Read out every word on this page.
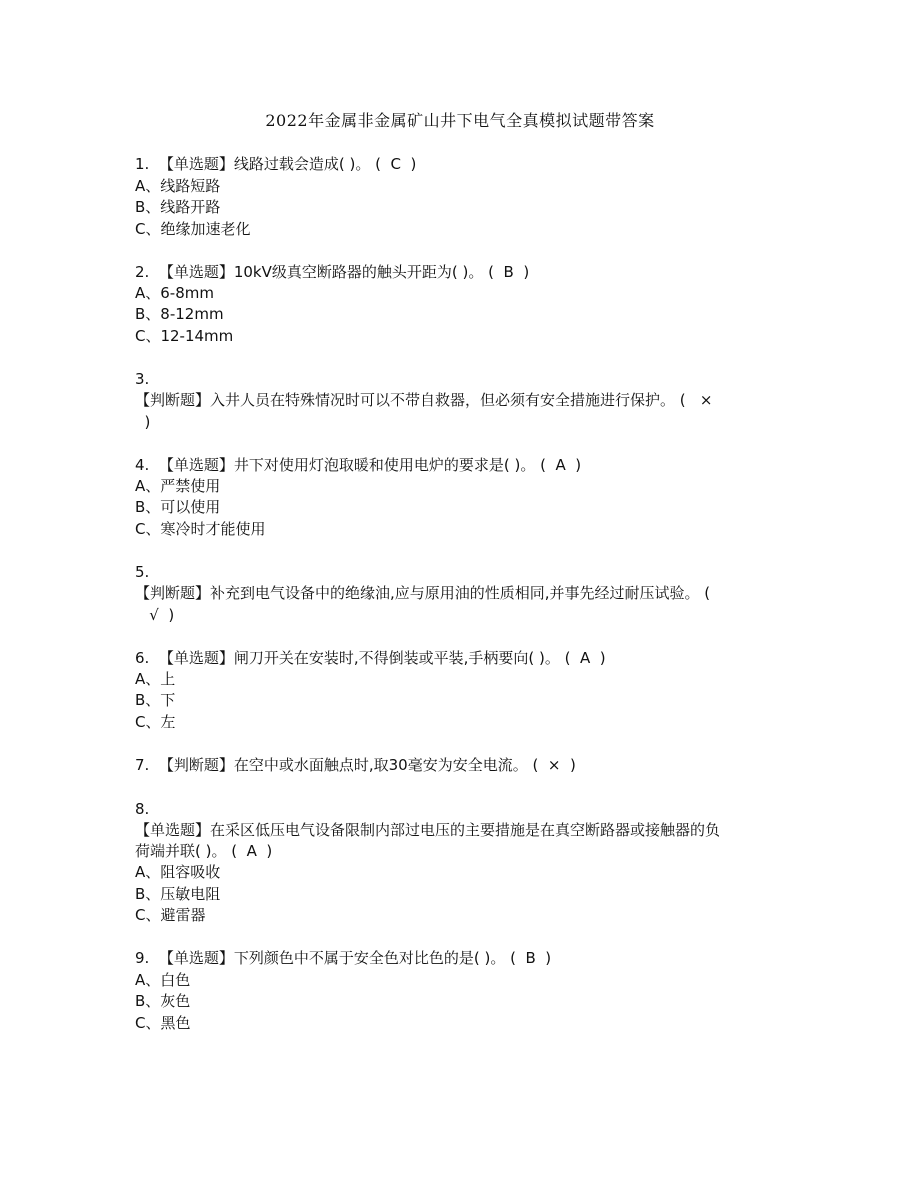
2022年金属非金属矿山井下电气全真模拟试题带答案
1.  【单选题】线路过载会造成( )。 (  C  )
A、线路短路
B、线路开路
C、绝缘加速老化
2.  【单选题】10kV级真空断路器的触头开距为( )。 (  B  )
A、6-8mm
B、8-12mm
C、12-14mm
3.
【判断题】入井人员在特殊情况时可以不带自救器，但必须有安全措施进行保护。 (   ×
)
4.  【单选题】井下对使用灯泡取暖和使用电炉的要求是( )。 (  A  )
A、严禁使用
B、可以使用
C、寒冷时才能使用
5.
【判断题】补充到电气设备中的绝缘油,应与原用油的性质相同,并事先经过耐压试验。 (
√  )
6.  【单选题】闸刀开关在安装时,不得倒装或平装,手柄要向( )。 (  A  )
A、上
B、下
C、左
7.  【判断题】在空中或水面触点时,取30毫安为安全电流。 (  ×  )
8.
【单选题】在采区低压电气设备限制内部过电压的主要措施是在真空断路器或接触器的负
荷端并联( )。 (  A  )
A、阻容吸收
B、压敏电阻
C、避雷器
9.  【单选题】下列颜色中不属于安全色对比色的是( )。 (  B  )
A、白色
B、灰色
C、黑色
